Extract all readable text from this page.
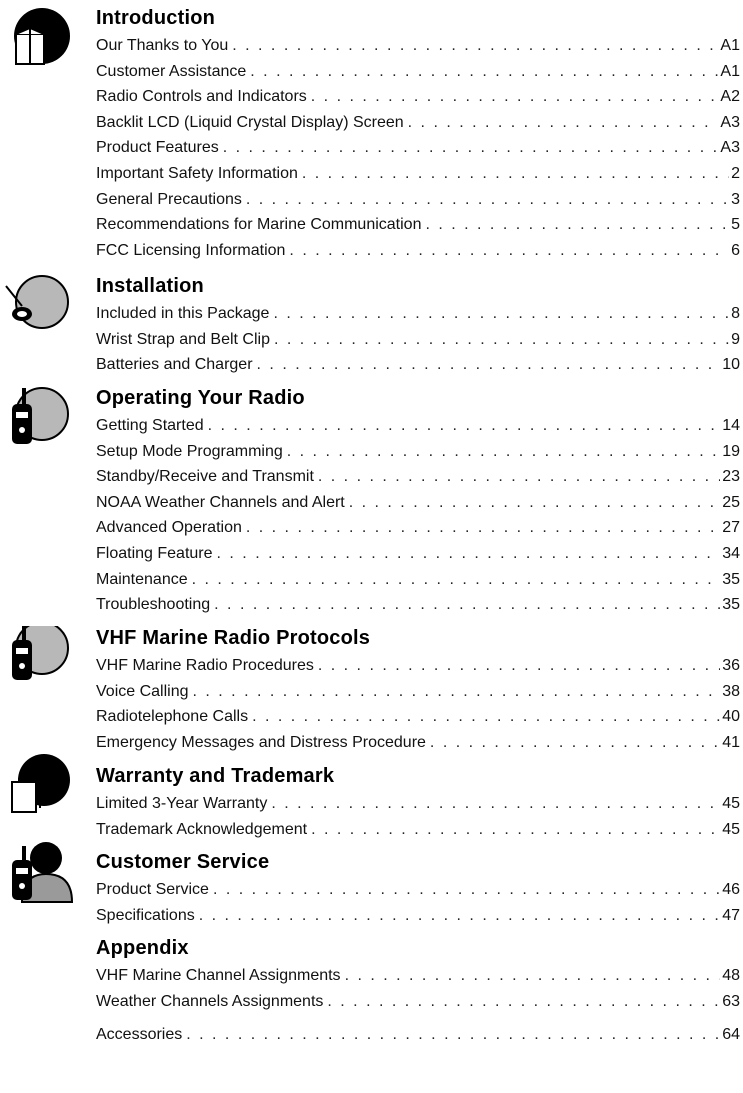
Introduction
Our Thanks to You . . .	A1
Customer Assistance . . .	A1
Radio Controls and Indicators . . .	A2
Backlit LCD (Liquid Crystal Display) Screen . . .	A3
Product Features . . .	A3
Important Safety Information . . .	2
General Precautions . . .	3
Recommendations for Marine Communication . . .	5
FCC Licensing Information . . .	6
Installation
Included in this Package . . .	8
Wrist Strap and Belt Clip . . .	9
Batteries and Charger . . .	10
Operating Your Radio
Getting Started . . .	14
Setup Mode Programming . . .	19
Standby/Receive and Transmit . . .	23
NOAA Weather Channels and Alert . . .	25
Advanced Operation . . .	27
Floating Feature . . .	34
Maintenance . . .	35
Troubleshooting . . .	35
VHF Marine Radio Protocols
VHF Marine Radio Procedures . . .	36
Voice Calling . . .	38
Radiotelephone Calls . . .	40
Emergency Messages and Distress Procedure . . .	41
Warranty and Trademark
Limited 3-Year Warranty . . .	45
Trademark Acknowledgement . . .	45
Customer Service
Product Service . . .	46
Specifications . . .	47
Appendix
VHF Marine Channel Assignments . . .	48
Weather Channels Assignments . . .	63
Accessories . . .	64
